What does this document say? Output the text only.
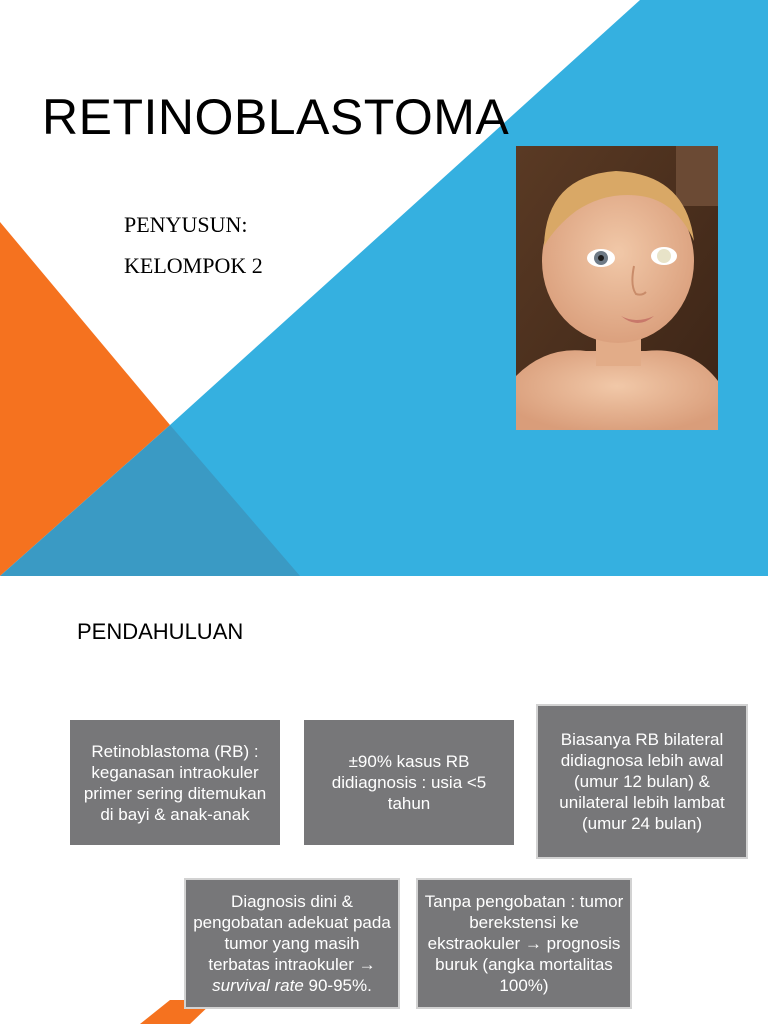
RETINOBLASTOMA
PENYUSUN:
KELOMPOK 2
PENDAHULUAN
Retinoblastoma (RB) : keganasan intraokuler primer sering ditemukan di bayi & anak-anak
±90% kasus RB didiagnosis : usia <5 tahun
Biasanya RB bilateral didiagnosa lebih awal (umur 12 bulan) & unilateral lebih lambat (umur 24 bulan)
Diagnosis dini & pengobatan adekuat pada tumor yang masih terbatas intraokuler → survival rate 90-95%.
Tanpa pengobatan : tumor berekstensi ke ekstraokuler → prognosis buruk (angka mortalitas 100%)
